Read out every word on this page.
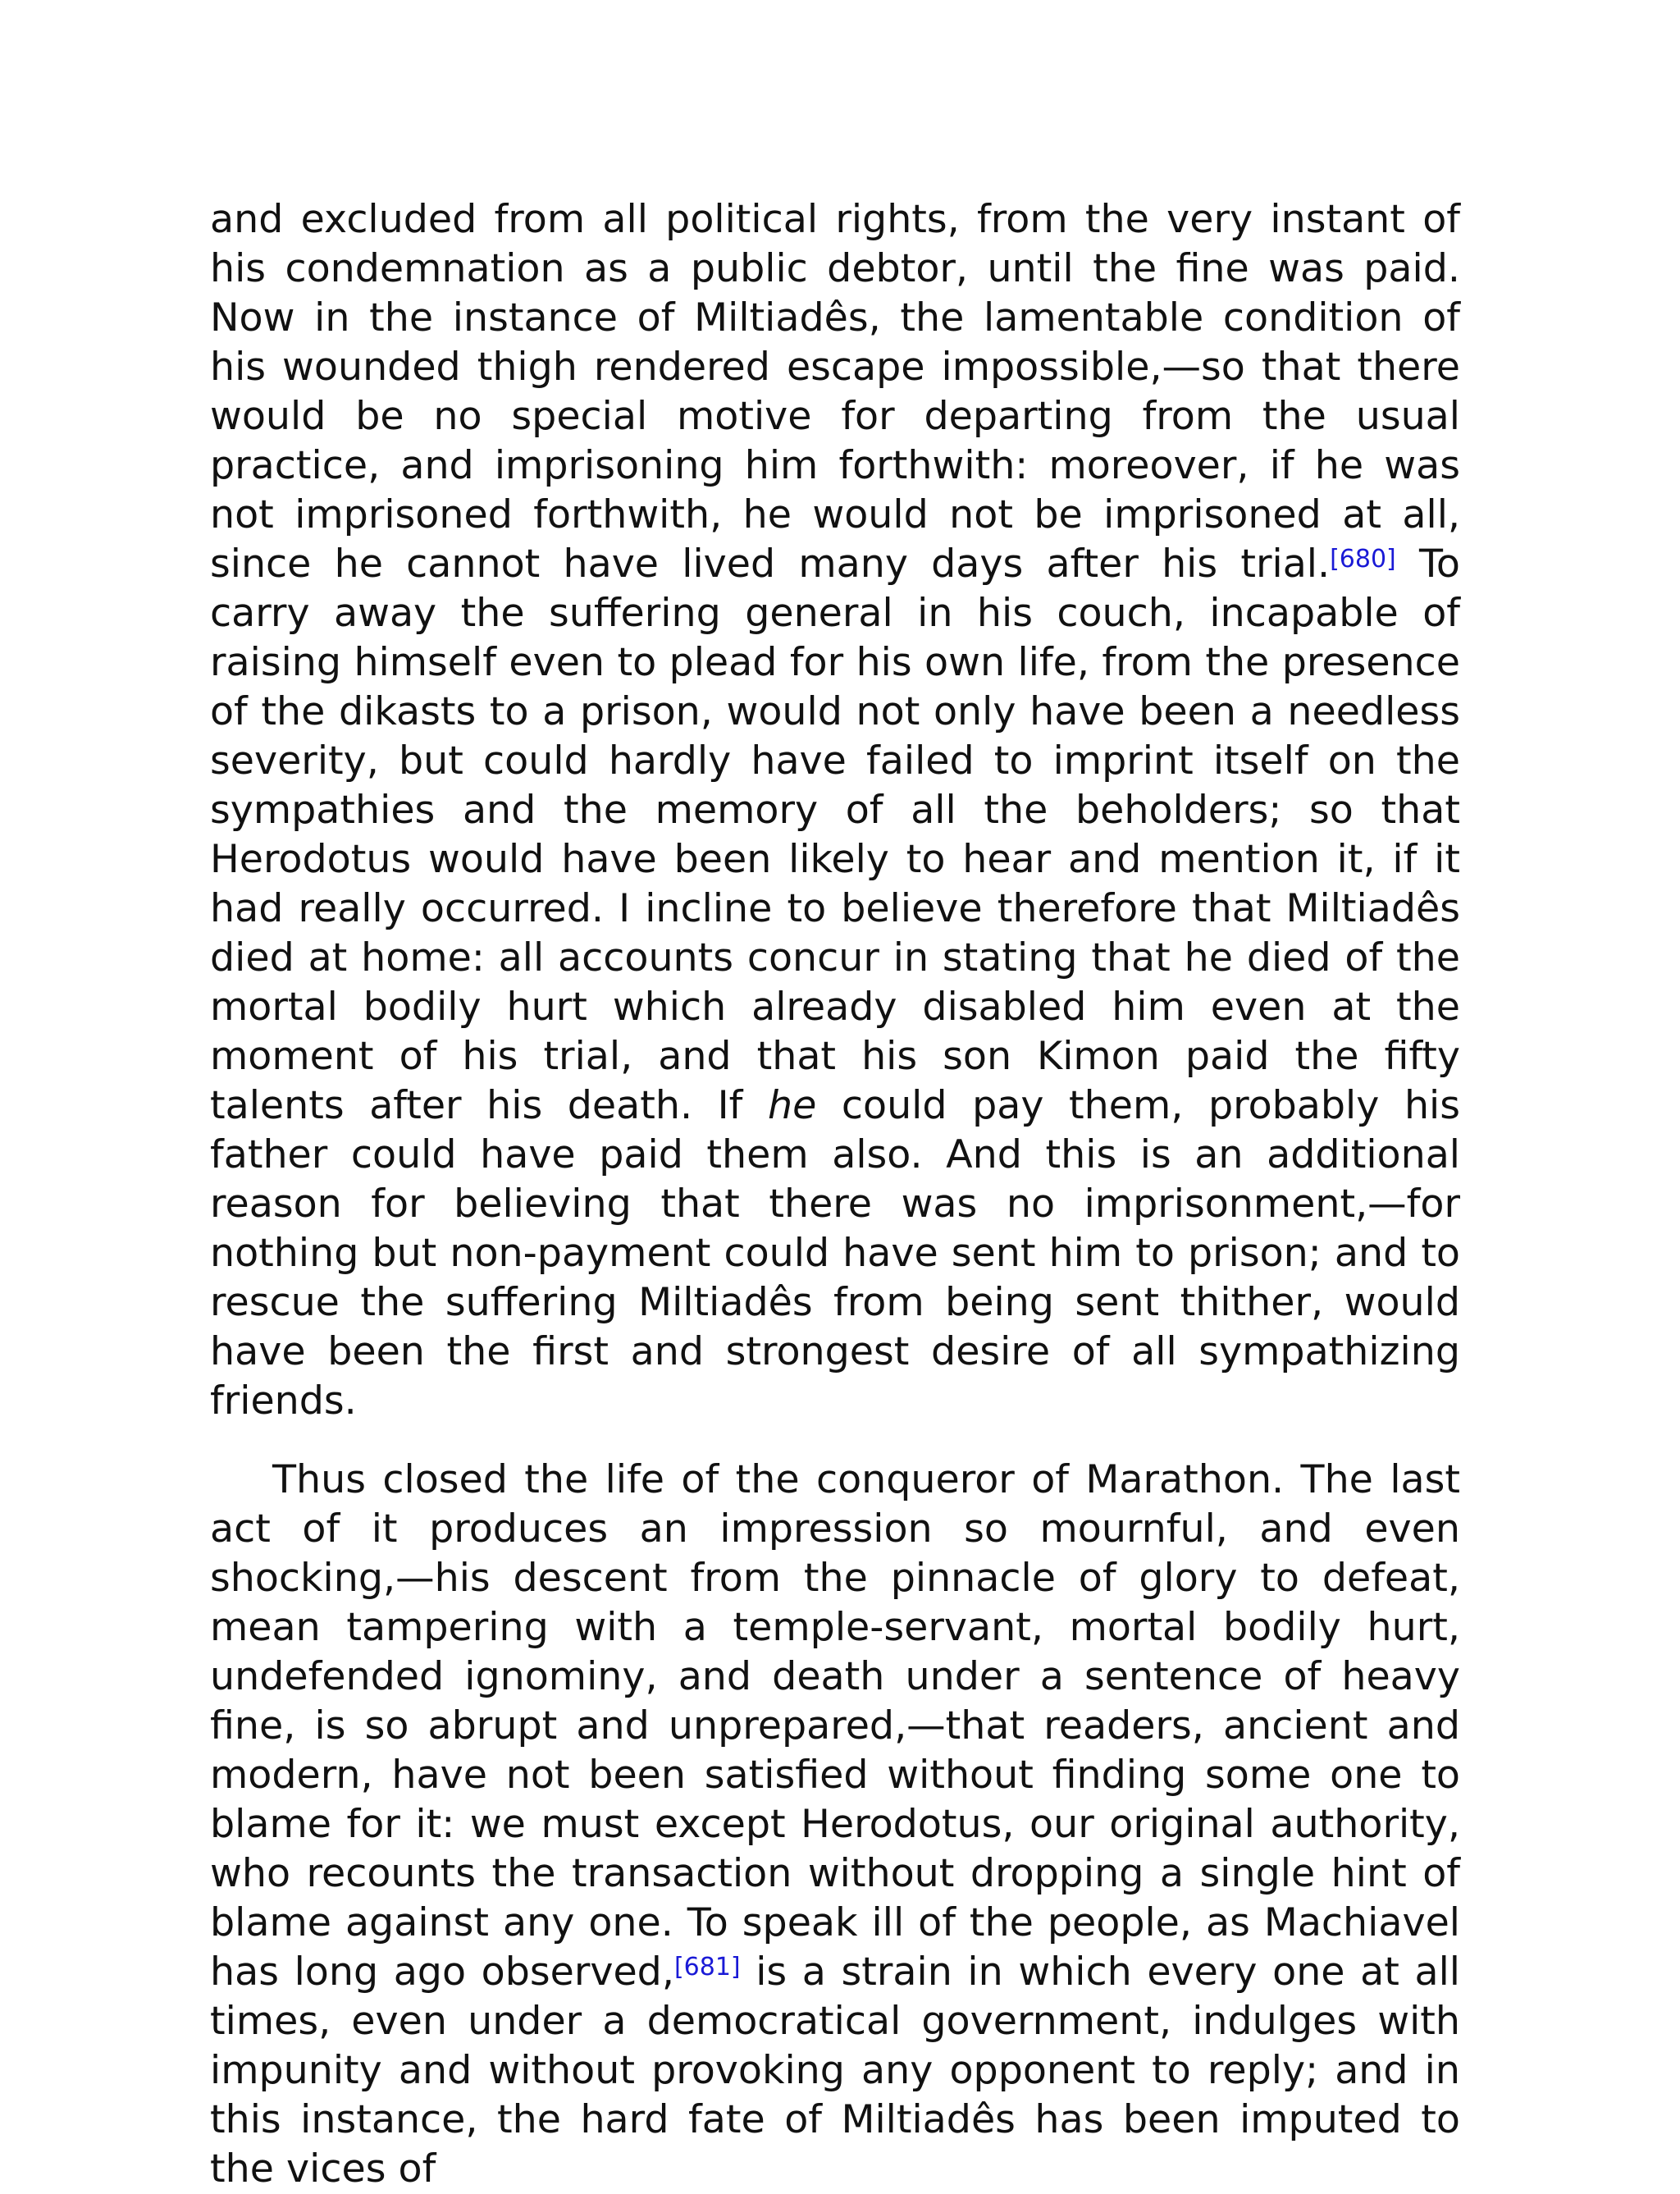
and excluded from all political rights, from the very instant of his condemnation as a public debtor, until the fine was paid. Now in the instance of Miltiadês, the lamentable condition of his wounded thigh rendered escape impossible,—so that there would be no special motive for departing from the usual practice, and imprisoning him forthwith: moreover, if he was not imprisoned forthwith, he would not be imprisoned at all, since he cannot have lived many days after his trial.[680] To carry away the suffering general in his couch, incapable of raising himself even to plead for his own life, from the presence of the dikasts to a prison, would not only have been a needless severity, but could hardly have failed to imprint itself on the sympathies and the memory of all the beholders; so that Herodotus would have been likely to hear and mention it, if it had really occurred. I incline to believe therefore that Miltiadês died at home: all accounts concur in stating that he died of the mortal bodily hurt which already disabled him even at the moment of his trial, and that his son Kimon paid the fifty talents after his death. If he could pay them, probably his father could have paid them also. And this is an additional reason for believing that there was no imprisonment,—for nothing but non-payment could have sent him to prison; and to rescue the suffering Miltiadês from being sent thither, would have been the first and strongest desire of all sympathizing friends.

Thus closed the life of the conqueror of Marathon. The last act of it produces an impression so mournful, and even shocking,—his descent from the pinnacle of glory to defeat, mean tampering with a temple-servant, mortal bodily hurt, undefended ignominy, and death under a sentence of heavy fine, is so abrupt and unprepared,—that readers, ancient and modern, have not been satisfied without finding some one to blame for it: we must except Herodotus, our original authority, who recounts the transaction without dropping a single hint of blame against any one. To speak ill of the people, as Machiavel has long ago observed,[681] is a strain in which every one at all times, even under a democratical government, indulges with impunity and without provoking any opponent to reply; and in this instance, the hard fate of Miltiadês has been imputed to the vices of
